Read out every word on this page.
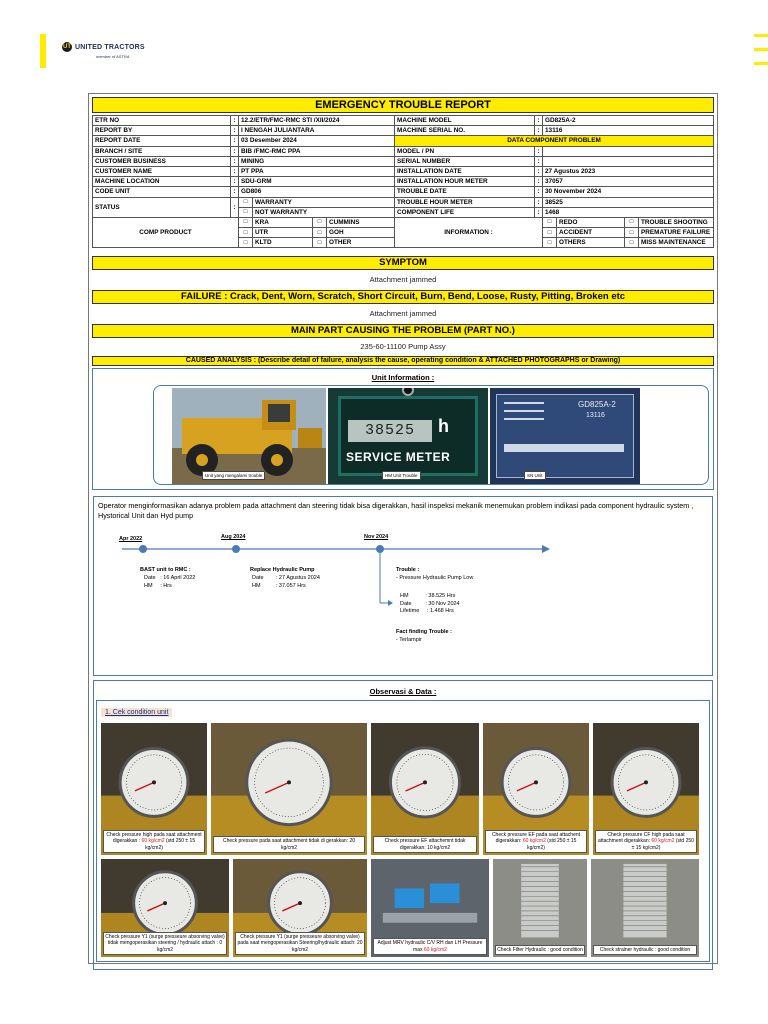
UT UNITED TRACTORS
member of ASTRA
EMERGENCY TROUBLE REPORT
ETR NO	:	12.2/ETR/FMC-RMC STI /XII/2024				MACHINE MODEL	:	GD825A-2			
REPORT BY	:	I NENGAH JULIANTARA				MACHINE SERIAL NO.	:	13116			
REPORT DATE	:	03 Desember 2024				DATA COMPONENT PROBLEM					
BRANCH / SITE	:	BIB /FMC-RMC PPA				MODEL / PN	:				
CUSTOMER BUSINESS	:	MINING				SERIAL NUMBER	:				
CUSTOMER NAME	:	PT PPA				INSTALLATION DATE	:	27 Agustus 2023			
MACHINE LOCATION	:	SDU-GRM				INSTALLATION HOUR METER	:	37057			
CODE UNIT	:	GD806				TROUBLE DATE	:	30 November 2024			
STATUS	:	□	WARRANTY			TROUBLE HOUR METER	:	38525			
		□	NOT WARRANTY			COMPONENT LIFE	:	1468			
COMP PRODUCT		□	KRA	□	CUMMINS	INFORMATION :		□	REDO	□	TROUBLE SHOOTING
		□	UTR	□	GOH			□	ACCIDENT	□	PREMATURE FAILURE
		□	KLTD	□	OTHER			□	OTHERS	□	MISS MAINTENANCE
SYMPTOM
Attachment jammed
FAILURE : Crack, Dent, Worn, Scratch, Short Circuit, Burn, Bend, Loose, Rusty, Pitting, Broken etc
Attachment jammed
MAIN PART CAUSING THE PROBLEM (PART NO.)
235-60-11100 Pump Assy
CAUSED ANALYSIS : (Describe detail of failure, analysis the cause, operating condition & ATTACHED PHOTOGRAPHS or Drawing)
Unit Information :
Unit yang mengalami trouble
38525	h
SERVICE METER
HM Unit Trouble
GD825A-2
13116
SN Unit
Operator menginformasikan adanya problem pada attachment dan steering tidak bisa digerakkan, hasil inspeksi mekanik menemukan problem indikasi pada component hydraulic system , Hystorical Unit dan Hyd pump
Apr 2022	Aug 2024	Nov 2024
BAST unit to RMC :
Date   : 16 April 2022
HM     : Hrs
Replace Hydraulic Pump
Date        : 27 Agustus 2024
HM          : 37.057 Hrs
Trouble :
- Pressure Hydraulic Pump Low
HM           : 38.525 Hrs
Date         : 30 Nov 2024
Lifetime     : 1.468 Hrs
Fact finding Trouble :
- Terlampir
Observasi & Data :
1. Cek condition unit
Check pressure high pada saat attachment digerakkan : 60 kg/cm2 (std 250 ± 15 kg/cm2)
Check pressure pada saat attachment tidak di gerakkan: 20 kg/cm2
Check pressure EF attachemnt tidak digerakkan: 10 kg/cm2
Check pressure EF pada saat attachent digerakkan: 60 kg/cm2 (std 250 ± 15 kg/cm2)
Check pressure CF high pada saat attachment digerakkan: 60 kg/cm2 (std 250 ± 15 kg/cm2)
Check pressure Y1 (surge presseure absorving valve) tidak mengoperasikan steering / hydraulic attach : 0 kg/cm2
Check pressure Y1 (surge presseure absorving valve) pada saat mengoperasikan Steering/hydraulic attach: 20 kg/cm2
Adjust MRV hydraulic C/V RH dan LH Pressure max 60 kg/cm2	Check Filter Hydraulic : good condition	Check strainer hydraulic : good condition
